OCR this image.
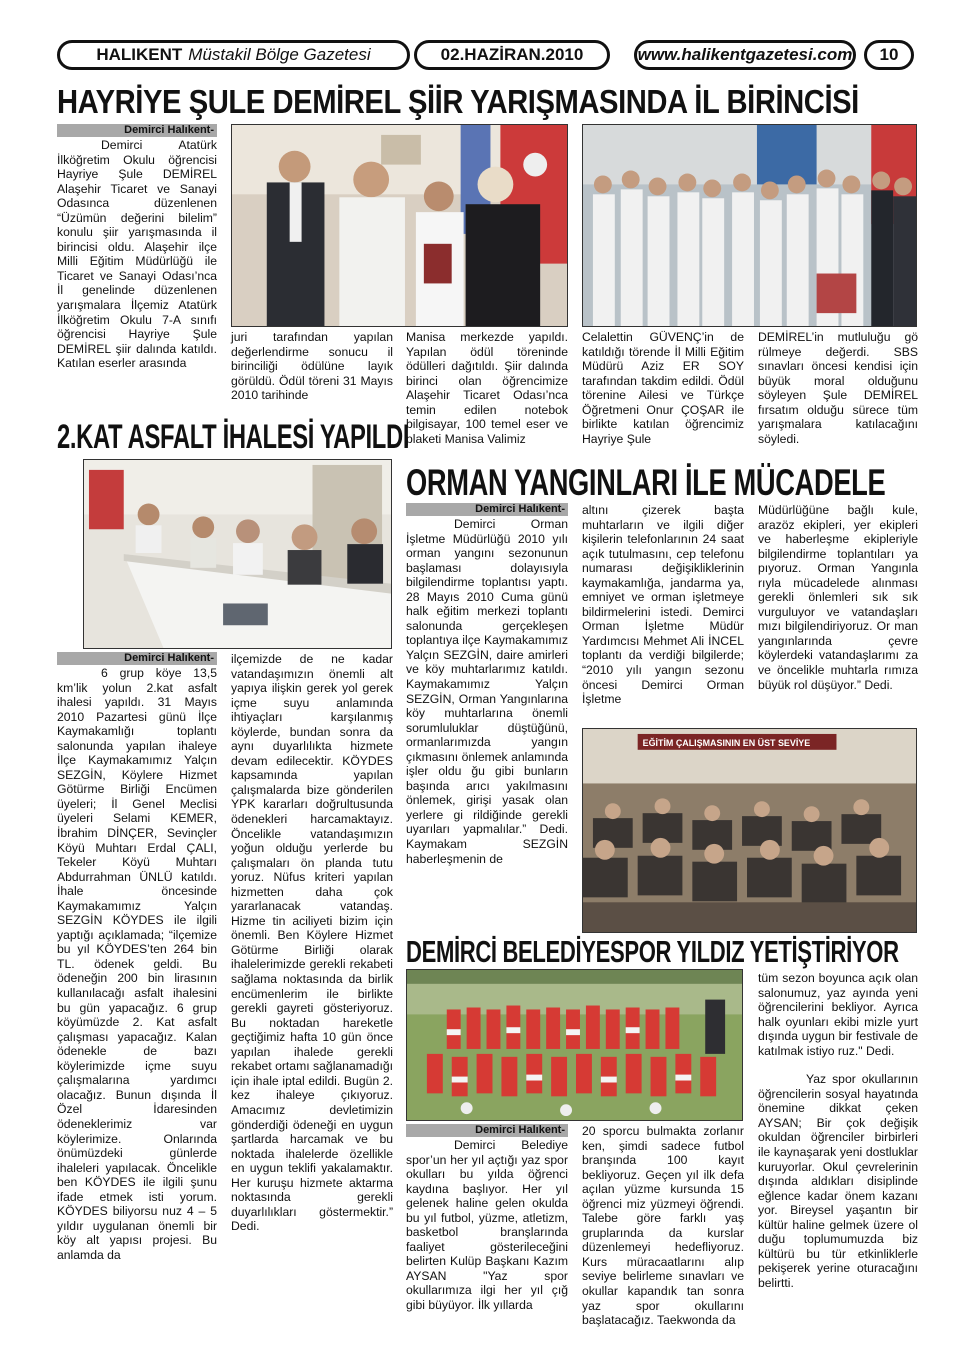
HALIKENT Müstakil Bölge Gazetesi	02.HAZİRAN.2010	www.halikentgazetesi.com 10
HAYRİYE ŞULE DEMİREL ŞİİR YARIŞMASINDA İL BİRİNCİSİ
Demirci Halıkent-

Demirci Atatürk İlköğretim Okulu öğrencisi Hayriye Şule DEMİREL Alaşehir Ticaret ve Sanayi Odasınca düzenlenen “Üzümün değerini bilelim” konulu şiir yarışmasında il birincisi oldu. Alaşehir ilçe Milli Eğitim Müdürlüğü ile Ticaret ve Sanayi Odası’nca İl genelinde düzenlenen yarışmalara İlçemiz Atatürk İlköğretim Okulu 7-A sınıfı öğrencisi Hayriye Şule DEMİREL şiir dalında katıldı. Katılan eserler arasında

juri tarafından yapılan değerlendirme sonucu il birinciliği ödülüne layık görüldü. Ödül töreni 31 Mayıs 2010 tarihinde

Manisa merkezde yapıldı. Yapılan ödül töreninde ödülleri dağıtıldı. Şiir dalında birinci olan öğrencimize Alaşehir Ticaret Odası’nca temin edilen notebok bilgisayar, 100 temel eser ve plaketi Manisa Valimiz

Celalettin GÜVENÇ’in de katıldığı törende İl Milli Eğitim Müdürü Aziz ER SOY tarafından takdim edildi. Ödül törenine Ailesi ve Türkçe Öğretmeni Onur ÇOŞAR ile birlikte katılan öğrencimiz Hayriye Şule

DEMİREL’in mutluluğu gö rülmeye değerdi. SBS sınavları öncesi kendisi için büyük moral olduğunu söyleyen Şule DEMİREL fırsatım olduğu sürece tüm yarışmalara katılacağını söyledi.

2.KAT ASFALT İHALESİ YAPILDI
Demirci Halıkent-

6 grup köye 13,5 km’lik yolun 2.kat asfalt ihalesi yapıldı. 31 Mayıs 2010 Pazartesi günü İlçe Kaymakamlığı toplantı salonunda yapılan ihaleye İlçe Kaymakamımız Yalçın SEZGİN, Köylere Hizmet Götürme Birliği Encümen üyeleri; İl Genel Meclisi üyeleri Selami KEMER, İbrahim DİNÇER, Sevinçler Köyü Muhtarı Erdal ÇALI, Tekeler Köyü Muhtarı Abdurrahman ÜNLÜ katıldı. İhale öncesinde Kaymakamımız Yalçın SEZGİN KÖYDES ile ilgili yaptığı açıklamada; “ilçemize bu yıl KÖYDES’ten 264 bin TL. ödenek geldi. Bu ödeneğin 200 bin lirasının kullanılacağı asfalt ihalesini bu gün yapacağız. 6 grup köyümüzde 2. Kat asfalt çalışması yapacağız. Kalan ödenekle de bazı köylerimizde içme suyu çalışmalarına yardımcı olacağız. Bunun dışında İl Özel İdaresinden ödeneklerimiz var köylerimize. Onlarında önümüzdeki günlerde ihaleleri yapılacak. Öncelikle ben KÖYDES ile ilgili şunu ifade etmek isti yorum. KÖYDES biliyorsu nuz 4 – 5 yıldır uygulanan önemli bir köy alt yapısı projesi. Bu anlamda da

ilçemizde de ne kadar vatandaşımızın önemli alt yapıya ilişkin gerek yol gerek içme suyu anlamında ihtiyaçları karşılanmış köylerde, bundan sonra da aynı duyarlılıkta hizmete devam edilecektir. KÖYDES kapsamında yapılan çalışmalarda bize gönderilen YPK kararları doğrultusunda ödenekleri harcamaktayız. Öncelikle vatandaşımızın yoğun olduğu yerlerde bu çalışmaları ön planda tutu yoruz. Nüfus kriteri yapılan hizmetten daha çok yararlanacak vatandaş. Hizme tin aciliyeti bizim için önemli. Ben Köylere Hizmet Götürme Birliği olarak ihalelerimizde gerekli rekabeti sağlama noktasında da birlik encümenlerim ile birlikte gerekli gayreti gösteriyoruz. Bu noktadan hareketle geçtiğimiz hafta 10 gün önce yapılan ihalede gerekli rekabet ortamı sağlanamadığı için ihale iptal edildi. Bugün 2. kez ihaleye çıkıyoruz. Amacımız devletimizin gönderdiği ödeneği en uygun şartlarda harcamak ve bu noktada ihalelerde özellikle en uygun teklifi yakalamaktır. Her kuruşu hizmete aktarma noktasında gerekli duyarlılıkları göstermektir.” Dedi.

ORMAN YANGINLARI İLE MÜCADELE
Demirci Halıkent-

Demirci Orman İşletme Müdürlüğü 2010 yılı orman yangını sezonunun başlaması dolayısıyla bilgilendirme toplantısı yaptı. 28 Mayıs 2010 Cuma günü halk eğitim merkezi toplantı salonunda gerçekleşen toplantıya ilçe Kaymakamımız Yalçın SEZGİN, daire amirleri ve köy muhtarlarımız katıldı. Kaymakamımız Yalçın SEZGİN, Orman Yangınlarına köy muhtarlarına önemli sorumluluklar düştüğünü, ormanlarımızda yangın çıkmasını önlemek anlamında işler oldu ğu gibi bunların başında arıcı yakılmasını önlemek, girişi yasak olan yerlere gi rildiğinde gerekli uyarıları yapmalılar.” Dedi. Kaymakam SEZGİN haberleşmenin de

altını çizerek başta muhtarların ve ilgili diğer kişilerin telefonlarının 24 saat açık tutulmasını, cep telefonu numarası değişikliklerinin kaymakamlığa, jandarma ya, emniyet ve orman işletmeye bildirmelerini istedi. Demirci Orman İşletme Müdür Yardımcısı Mehmet Ali İNCEL toplantı da verdiği bilgilerde; “2010 yılı yangın sezonu öncesi Demirci Orman İşletme

Müdürlüğüne bağlı kule, arazöz ekipleri, yer ekipleri ve haberleşme ekipleriyle bilgilendirme toplantıları ya pıyoruz. Orman Yangınla rıyla mücadelede alınması gerekli önlemleri sık sık vurguluyor ve vatandaşları mızı bilgilendiriyoruz. Or man yangınlarında çevre köylerdeki vatandaşlarımı za ve öncelikle muhtarla rımıza büyük rol düşüyor.” Dedi.

EĞİTİM ÇALIŞMASININ EN ÜST SEVİYE
DEMİRCİ BELEDİYESPOR YILDIZ YETİŞTİRİYOR
Demirci Halıkent-

Demirci Belediye spor’un her yıl açtığı yaz spor okulları bu yılda öğrenci kaydına başlıyor. Her yıl gelenek haline gelen okulda bu yıl futbol, yüzme, atletizm, basketbol branşlarında faaliyet gösterileceğini belirten Kulüp Başkanı Kazım AYSAN "Yaz spor okullarımıza ilgi her yıl çığ gibi büyüyor. İlk yıllarda

20 sporcu bulmakta zorlanır ken, şimdi sadece futbol branşında 100 kayıt bekliyoruz. Geçen yıl ilk defa açılan yüzme kursunda 15 öğrenci miz yüzmeyi öğrendi. Talebe göre farklı yaş gruplarında da kurslar düzenlemeyi hedefliyoruz. Kurs müracaatlarını alıp seviye belirleme sınavları ve okullar kapandık tan sonra yaz spor okullarını başlatacağız. Taekwonda da

tüm sezon boyunca açık olan salonumuz, yaz ayında yeni öğrencilerini bekliyor. Ayrıca halk oyunları ekibi mizle yurt dışında uygun bir festivale de katılmak istiyo ruz." Dedi.

Yaz spor okullarının öğrencilerin sosyal hayatında önemine dikkat çeken AYSAN; Bir çok değişik okuldan öğrenciler birbirleri ile kaynaşarak yeni dostluklar kuruyorlar. Okul çevrelerinin dışında aldıkları disiplinde eğlence kadar önem kazanı yor. Bireysel yaşantın bir kültür haline gelmek üzere ol duğu toplumumuzda biz kültürü bu tür etkinliklerle pekişerek yerine oturacağını belirtti.
